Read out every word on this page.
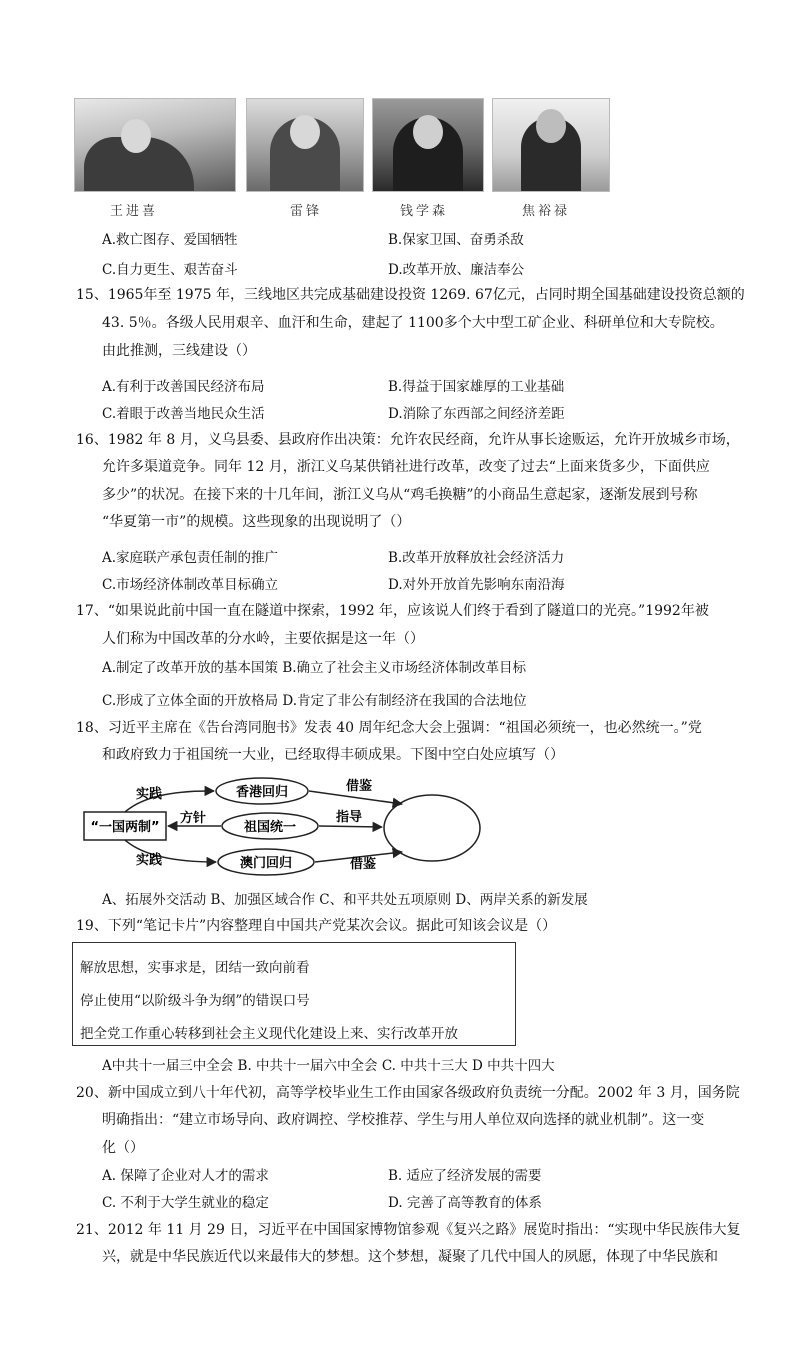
王进喜	雷锋	钱学森	焦裕禄
A.救亡图存、爱国牺牲	B.保家卫国、奋勇杀敌
C.自力更生、艰苦奋斗	D.改革开放、廉洁奉公
15、1965年至 1975 年，三线地区共完成基础建设投资 1269. 67亿元，占同时期全国基础建设投资总额的
43. 5％。各级人民用艰辛、血汗和生命，建起了 1100多个大中型工矿企业、科研单位和大专院校。
由此推测，三线建设（）
A.有利于改善国民经济布局	B.得益于国家雄厚的工业基础
C.着眼于改善当地民众生活	D.消除了东西部之间经济差距
16、1982 年 8 月，义乌县委、县政府作出决策：允许农民经商，允许从事长途贩运，允许开放城乡市场，
允许多渠道竞争。同年 12 月，浙江义乌某供销社进行改革，改变了过去“上面来货多少，下面供应
多少”的状况。在接下来的十几年间，浙江义乌从“鸡毛换糖”的小商品生意起家，逐渐发展到号称
“华夏第一市”的规模。这些现象的出现说明了（）
A.家庭联产承包责任制的推广	B.改革开放释放社会经济活力
C.市场经济体制改革目标确立	D.对外开放首先影响东南沿海
17、“如果说此前中国一直在隧道中探索，1992 年，应该说人们终于看到了隧道口的光亮。”1992年被
人们称为中国改革的分水岭，主要依据是这一年（）
A.制定了改革开放的基本国策 B.确立了社会主义市场经济体制改革目标
C.形成了立体全面的开放格局 D.肯定了非公有制经济在我国的合法地位
18、习近平主席在《告台湾同胞书》发表 40 周年纪念大会上强调：“祖国必须统一，也必然统一。”党
和政府致力于祖国统一大业，已经取得丰硕成果。下图中空白处应填写（）
“一国两制”
香港回归
祖国统一
澳门回归
实践
方针
实践
借鉴
指导
借鉴
A、拓展外交活动 B、加强区域合作 C、和平共处五项原则 D、两岸关系的新发展
19、下列“笔记卡片”内容整理自中国共产党某次会议。据此可知该会议是（）
解放思想，实事求是，团结一致向前看
停止使用“以阶级斗争为纲”的错误口号
把全党工作重心转移到社会主义现代化建设上来、实行改革开放
A中共十一届三中全会 B. 中共十一届六中全会 C. 中共十三大 D 中共十四大
20、新中国成立到八十年代初，高等学校毕业生工作由国家各级政府负责统一分配。2002 年 3 月，国务院
明确指出：“建立市场导向、政府调控、学校推荐、学生与用人单位双向选择的就业机制”。这一变
化（）
A. 保障了企业对人才的需求	B. 适应了经济发展的需要
C. 不利于大学生就业的稳定	D. 完善了高等教育的体系
21、2012 年 11 月 29 日，习近平在中国国家博物馆参观《复兴之路》展览时指出：“实现中华民族伟大复
兴，就是中华民族近代以来最伟大的梦想。这个梦想，凝聚了几代中国人的夙愿，体现了中华民族和
